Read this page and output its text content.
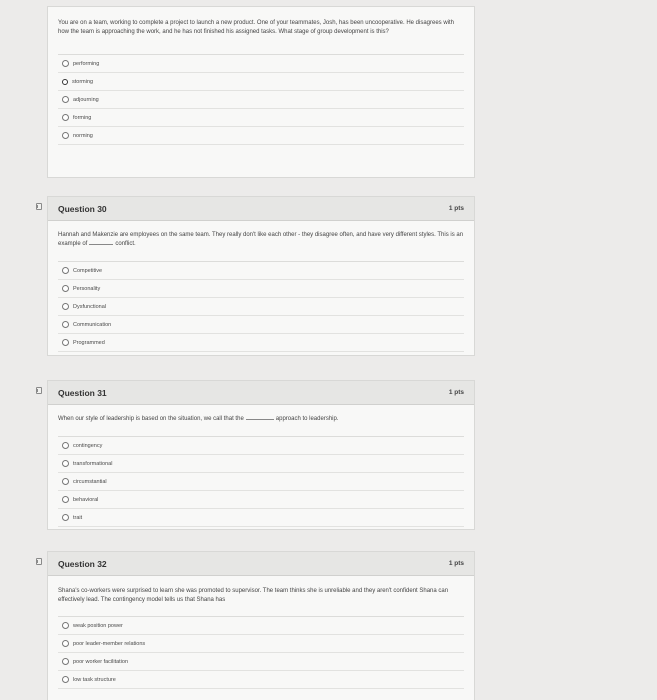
You are on a team, working to complete a project to launch a new product. One of your teammates, Josh, has been uncooperative. He disagrees with how the team is approaching the work, and he has not finished his assigned tasks. What stage of group development is this?
performing
storming
adjourning
forming
norming
Question 30	1 pts
Hannah and Makenzie are employees on the same team. They really don't like each other - they disagree often, and have very different styles. This is an example of	conflict.
Competitive
Personality
Dysfunctional
Communication
Programmed
Question 31	1 pts
When our style of leadership is based on the situation, we call that the	approach to leadership.
contingency
transformational
circumstantial
behavioral
trait
Question 32	1 pts
Shana's co-workers were surprised to learn she was promoted to supervisor. The team thinks she is unreliable and they aren't confident Shana can effectively lead. The contingency model tells us that Shana has
weak position power
poor leader-member relations
poor worker facilitation
low task structure
